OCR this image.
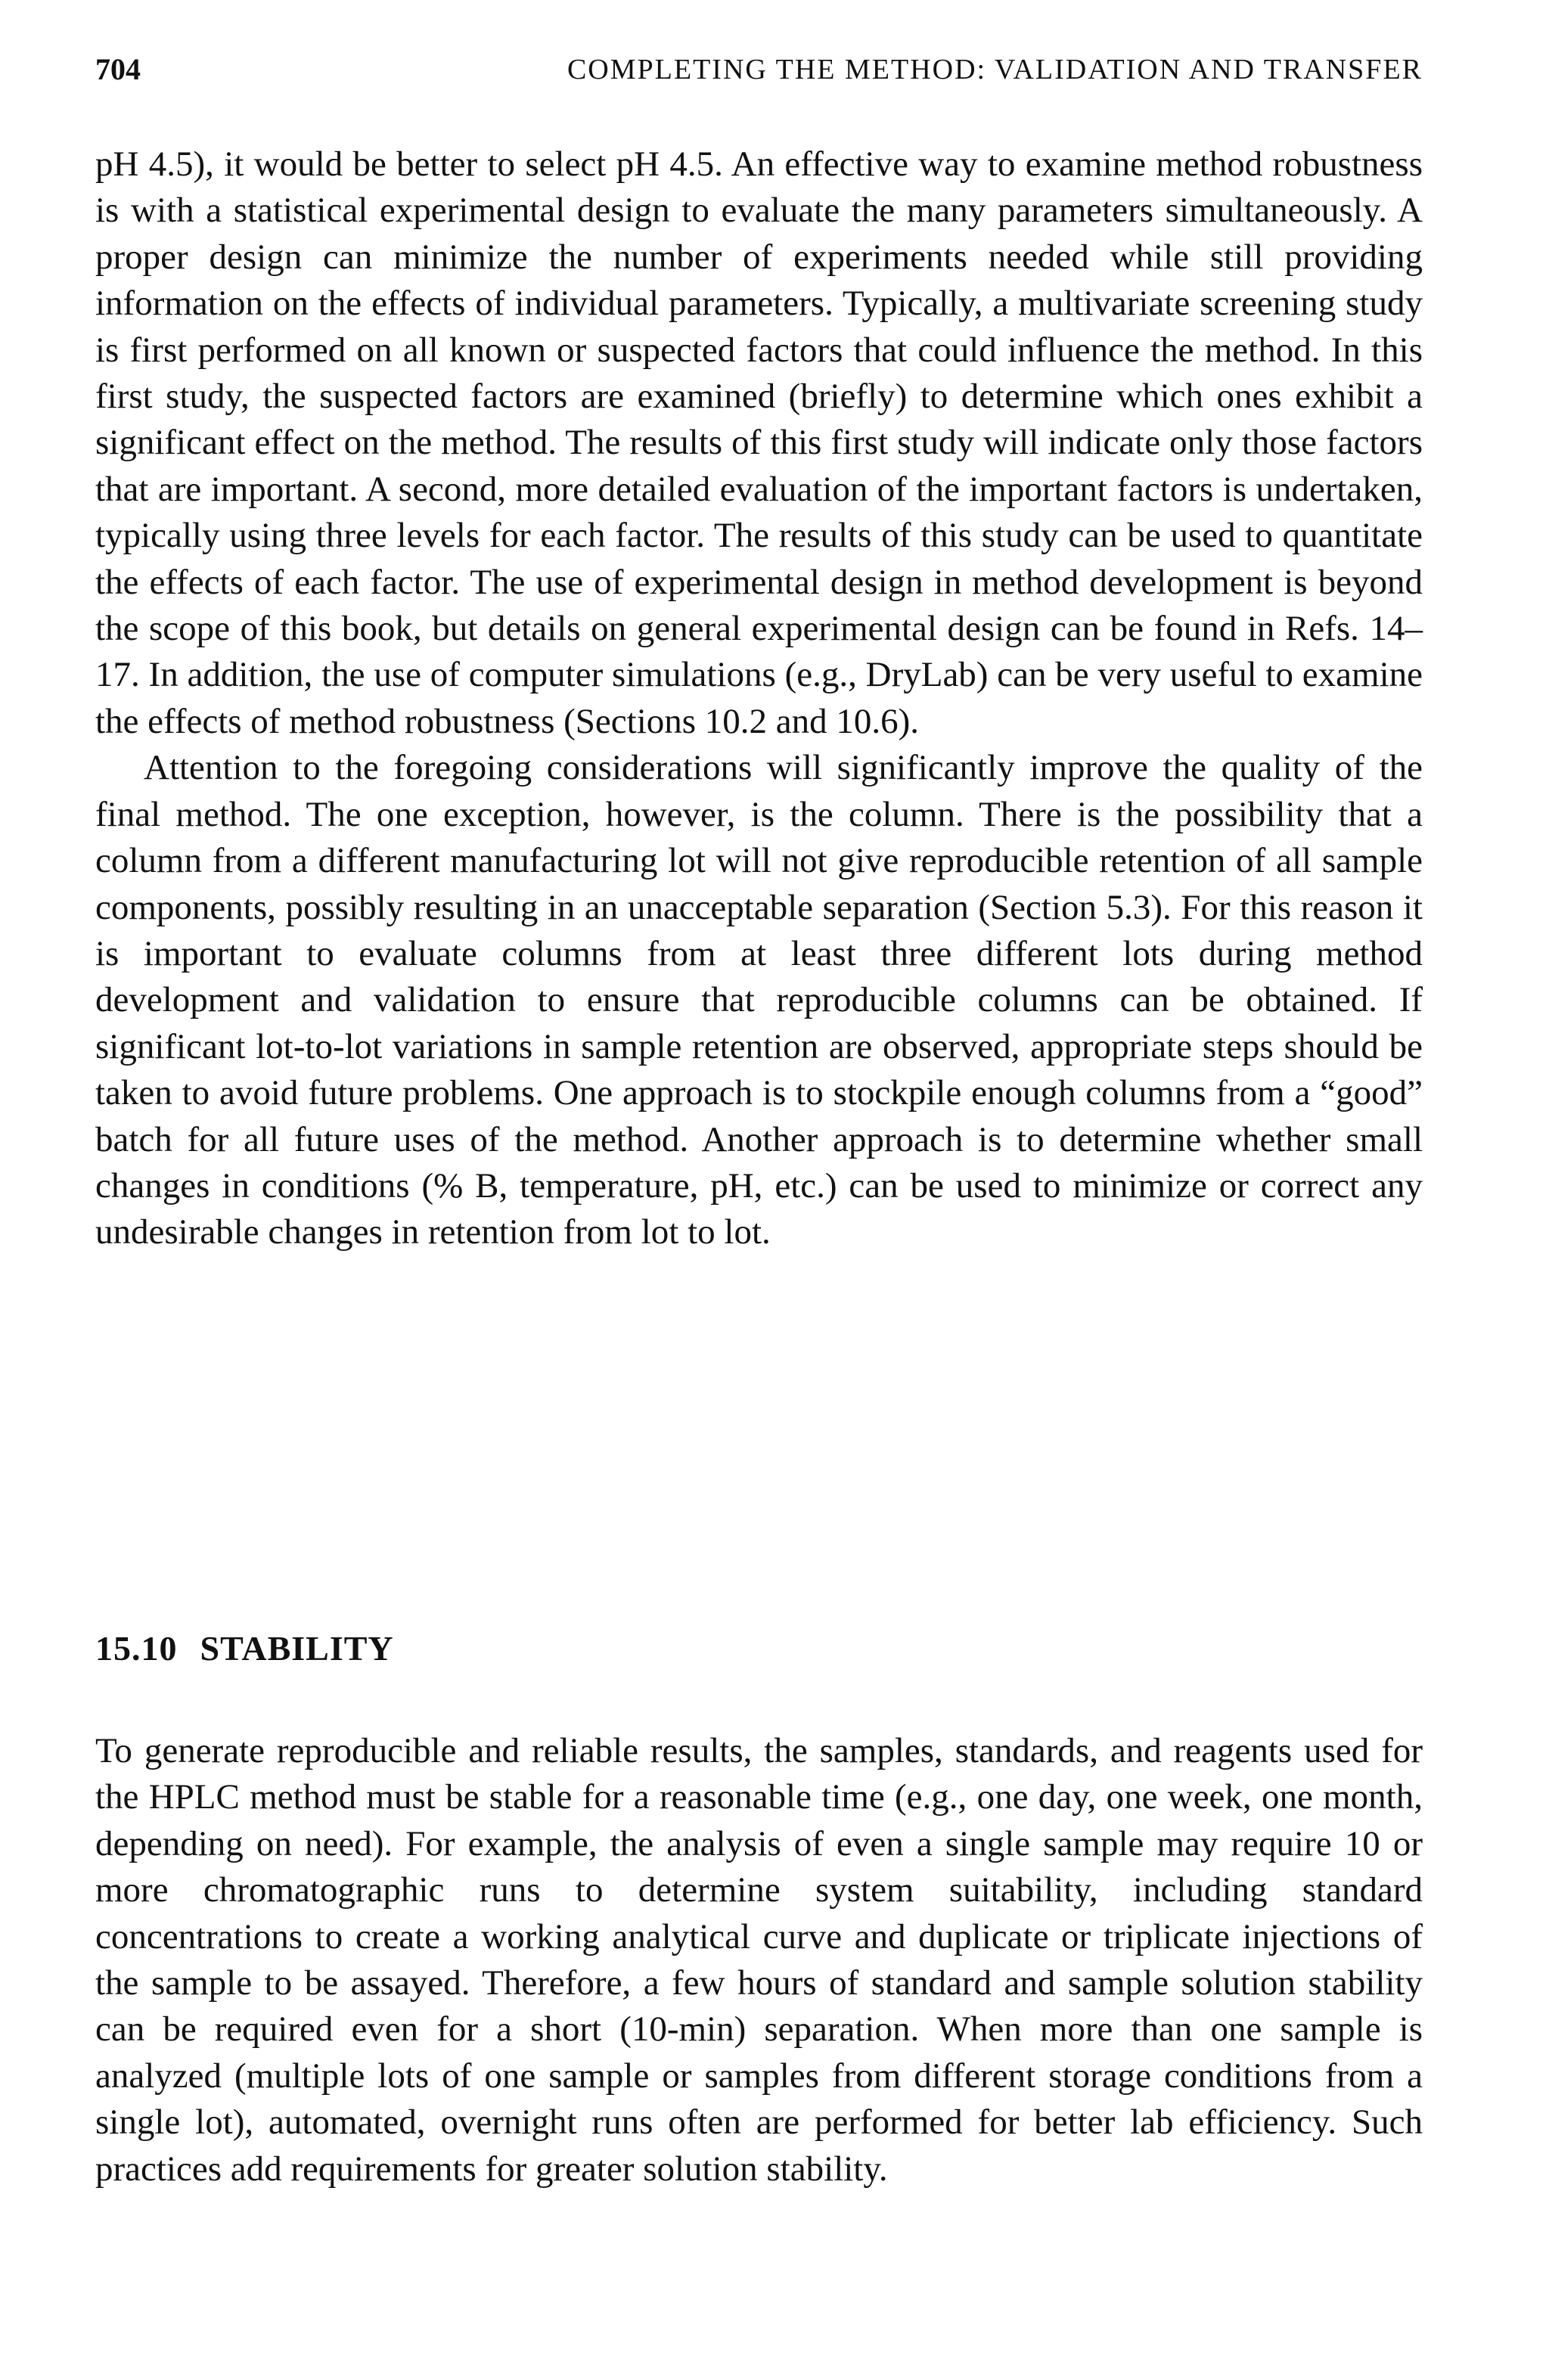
704	COMPLETING THE METHOD: VALIDATION AND TRANSFER

pH 4.5), it would be better to select pH 4.5. An effective way to examine method robustness is with a statistical experimental design to evaluate the many parameters simultaneously. A proper design can minimize the number of experiments needed while still providing information on the effects of individual parameters. Typically, a multivariate screening study is first performed on all known or suspected factors that could influence the method. In this first study, the suspected factors are examined (briefly) to determine which ones exhibit a significant effect on the method. The results of this first study will indicate only those factors that are important. A second, more detailed evaluation of the important factors is undertaken, typically using three levels for each factor. The results of this study can be used to quantitate the effects of each factor. The use of experimental design in method development is beyond the scope of this book, but details on general experimental design can be found in Refs. 14–17. In addition, the use of computer simulations (e.g., DryLab) can be very useful to examine the effects of method robustness (Sections 10.2 and 10.6).

Attention to the foregoing considerations will significantly improve the quality of the final method. The one exception, however, is the column. There is the possibility that a column from a different manufacturing lot will not give reproducible retention of all sample components, possibly resulting in an unacceptable separation (Section 5.3). For this reason it is important to evaluate columns from at least three different lots during method development and validation to ensure that reproducible columns can be obtained. If significant lot-to-lot variations in sample retention are observed, appropriate steps should be taken to avoid future problems. One approach is to stockpile enough columns from a “good” batch for all future uses of the method. Another approach is to determine whether small changes in conditions (% B, temperature, pH, etc.) can be used to minimize or correct any undesirable changes in retention from lot to lot.

15.10 STABILITY

To generate reproducible and reliable results, the samples, standards, and reagents used for the HPLC method must be stable for a reasonable time (e.g., one day, one week, one month, depending on need). For example, the analysis of even a single sample may require 10 or more chromatographic runs to determine system suitability, including standard concentrations to create a working analytical curve and duplicate or triplicate injections of the sample to be assayed. Therefore, a few hours of standard and sample solution stability can be required even for a short (10-min) separation. When more than one sample is analyzed (multiple lots of one sample or samples from different storage conditions from a single lot), automated, overnight runs often are performed for better lab efficiency. Such practices add requirements for greater solution stability.
